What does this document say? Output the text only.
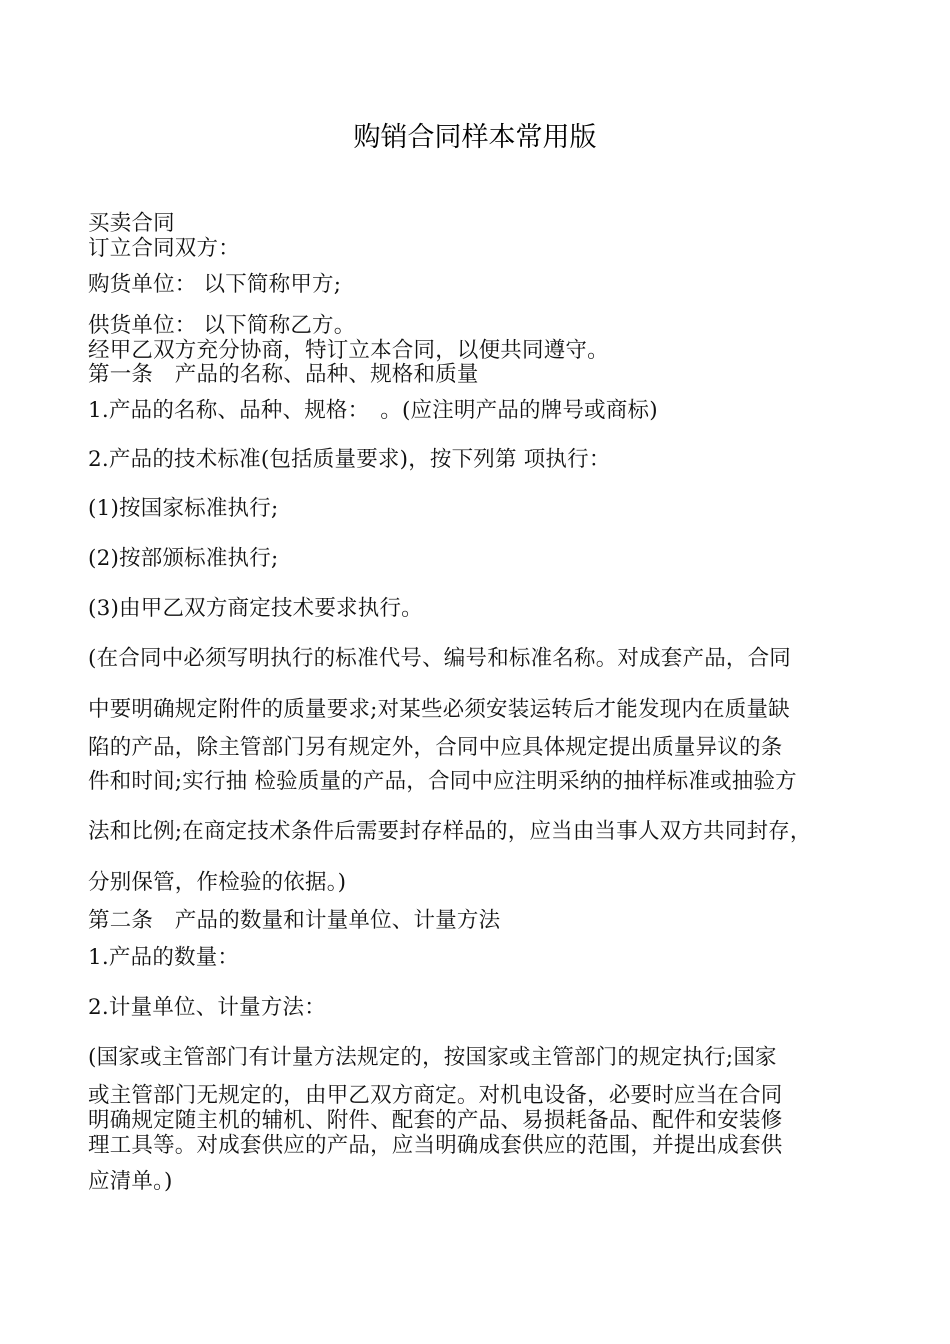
购销合同样本常用版

买卖合同

订立合同双方：

购货单位： 以下简称甲方;

供货单位： 以下简称乙方。

经甲乙双方充分协商，特订立本合同，以便共同遵守。

第一条　产品的名称、品种、规格和质量

1.产品的名称、品种、规格：　。(应注明产品的牌号或商标)

2.产品的技术标准(包括质量要求)，按下列第 项执行：

(1)按国家标准执行;

(2)按部颁标准执行;

(3)由甲乙双方商定技术要求执行。

(在合同中必须写明执行的标准代号、编号和标准名称。对成套产品，合同

中要明确规定附件的质量要求;对某些必须安装运转后才能发现内在质量缺

陷的产品，除主管部门另有规定外，合同中应具体规定提出质量异议的条

件和时间;实行抽 检验质量的产品，合同中应注明采纳的抽样标准或抽验方

法和比例;在商定技术条件后需要封存样品的，应当由当事人双方共同封存，

分别保管，作检验的依据。)

第二条　产品的数量和计量单位、计量方法

1.产品的数量：

2.计量单位、计量方法：

(国家或主管部门有计量方法规定的，按国家或主管部门的规定执行;国家

或主管部门无规定的，由甲乙双方商定。对机电设备，必要时应当在合同

明确规定随主机的辅机、附件、配套的产品、易损耗备品、配件和安装修

理工具等。对成套供应的产品，应当明确成套供应的范围，并提出成套供

应清单。)
